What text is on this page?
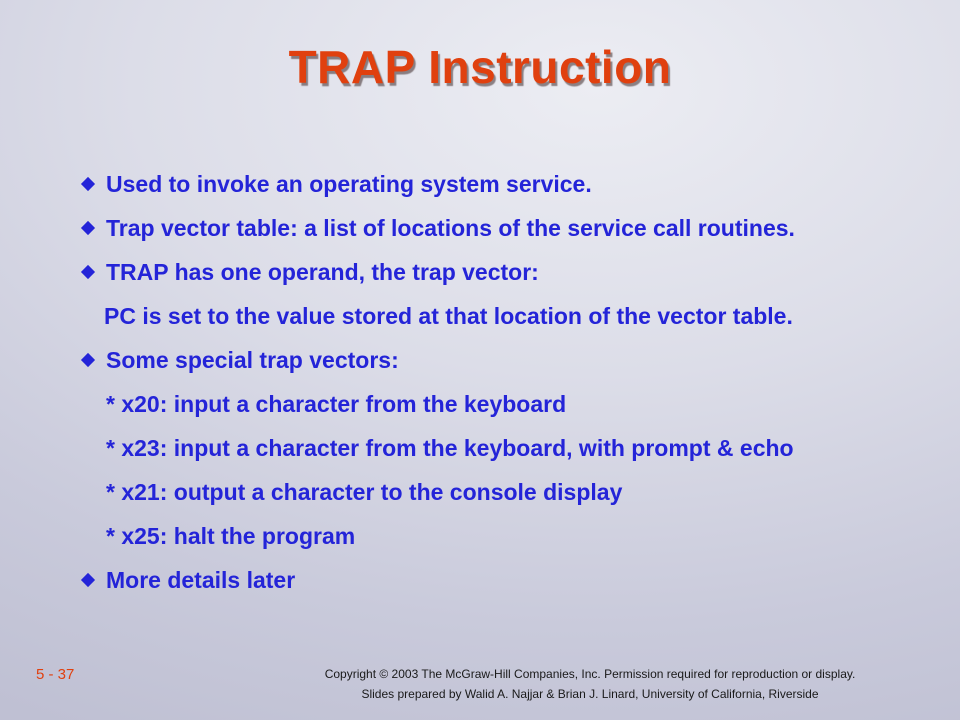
TRAP Instruction
Used to invoke an operating system service.
Trap vector table: a list of locations of the service call routines.
TRAP has one operand, the trap vector:
PC is set to the value stored at that location of the vector table.
Some special trap vectors:
* x20: input a character from the keyboard
* x23: input a character from the keyboard, with prompt & echo
* x21: output a character to the console display
* x25: halt the program
More details later
5 - 37	Copyright © 2003 The McGraw-Hill Companies, Inc. Permission required for reproduction or display.
Slides prepared by Walid A. Najjar & Brian J. Linard, University of California, Riverside
